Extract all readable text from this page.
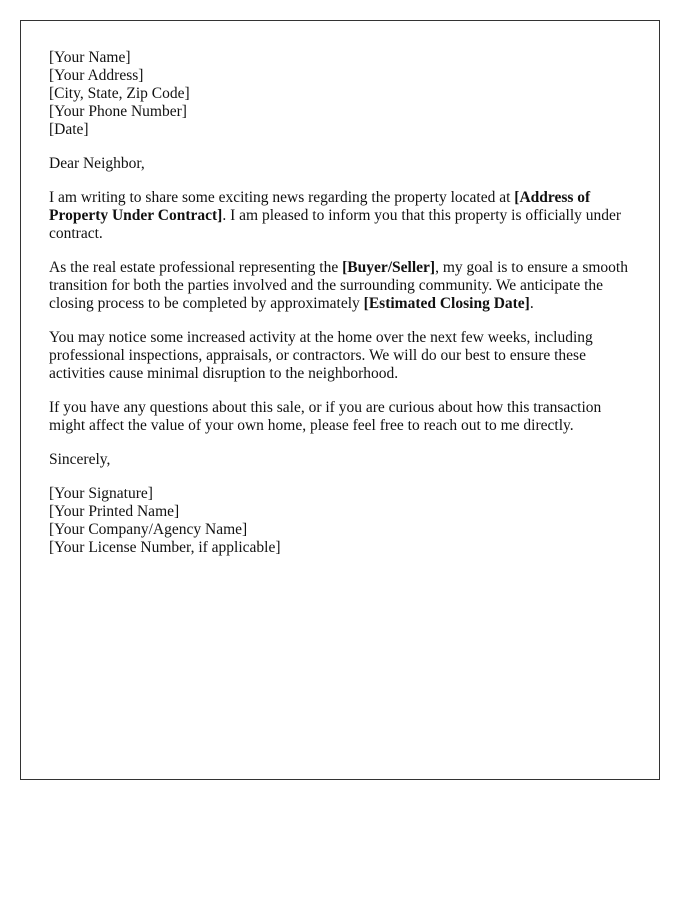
[Your Name]
[Your Address]
[City, State, Zip Code]
[Your Phone Number]
[Date]

Dear Neighbor,

I am writing to share some exciting news regarding the property located at [Address of Property Under Contract]. I am pleased to inform you that this property is officially under contract.

As the real estate professional representing the [Buyer/Seller], my goal is to ensure a smooth transition for both the parties involved and the surrounding community. We anticipate the closing process to be completed by approximately [Estimated Closing Date].

You may notice some increased activity at the home over the next few weeks, including professional inspections, appraisals, or contractors. We will do our best to ensure these activities cause minimal disruption to the neighborhood.

If you have any questions about this sale, or if you are curious about how this transaction might affect the value of your own home, please feel free to reach out to me directly.

Sincerely,

[Your Signature]
[Your Printed Name]
[Your Company/Agency Name]
[Your License Number, if applicable]
